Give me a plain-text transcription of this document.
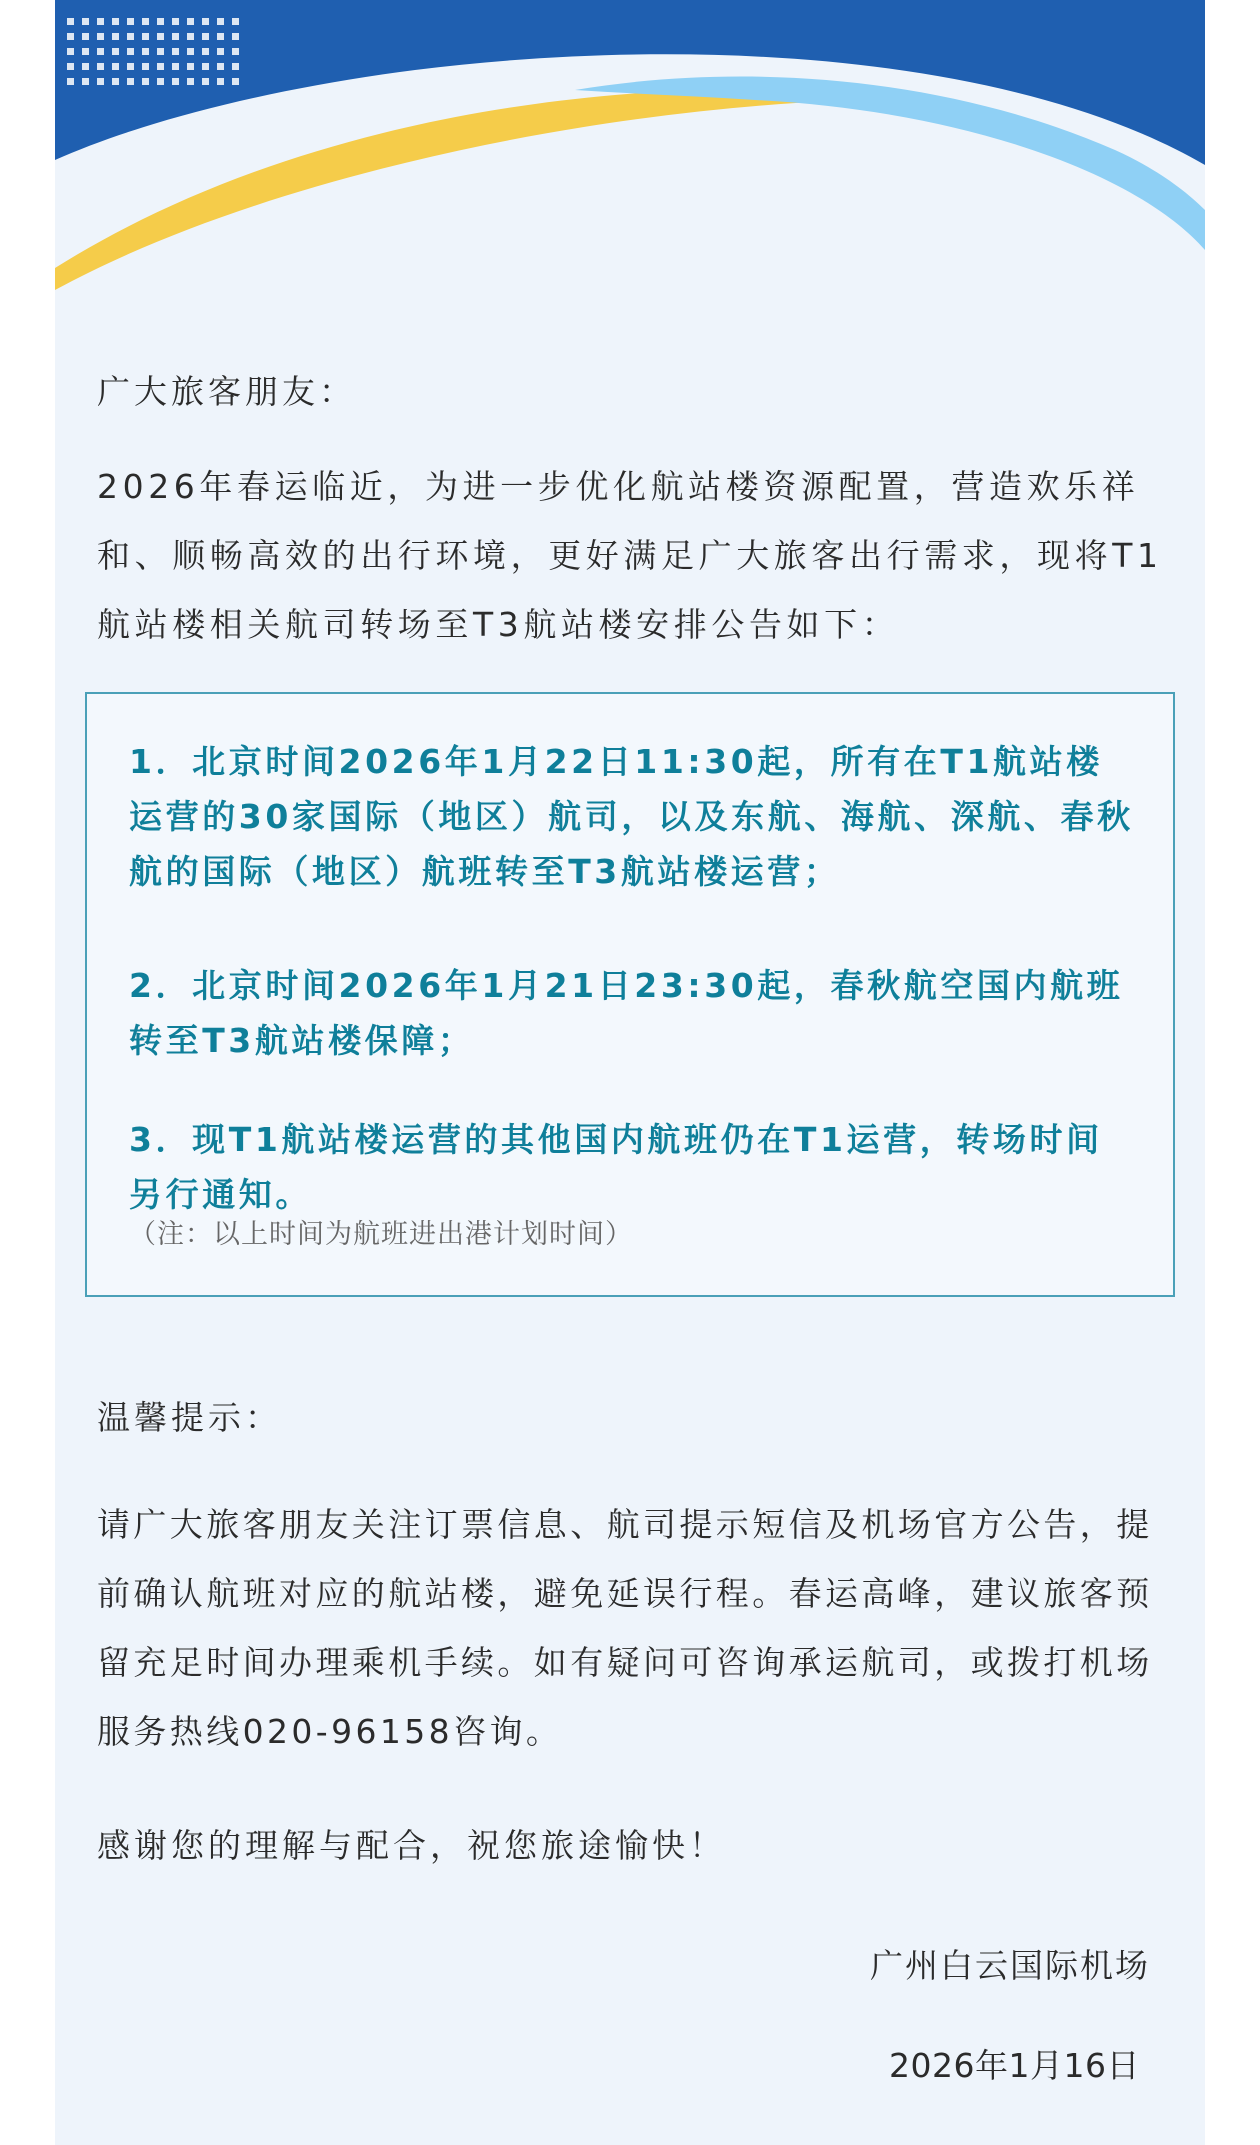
广大旅客朋友：
2026年春运临近，为进一步优化航站楼资源配置，营造欢乐祥和、顺畅高效的出行环境，更好满足广大旅客出行需求，现将T1航站楼相关航司转场至T3航站楼安排公告如下：
1．北京时间2026年1月22日11:30起，所有在T1航站楼运营的30家国际（地区）航司，以及东航、海航、深航、春秋航的国际（地区）航班转至T3航站楼运营；
2．北京时间2026年1月21日23:30起，春秋航空国内航班转至T3航站楼保障；
3．现T1航站楼运营的其他国内航班仍在T1运营，转场时间另行通知。
（注：以上时间为航班进出港计划时间）
温馨提示：
请广大旅客朋友关注订票信息、航司提示短信及机场官方公告，提前确认航班对应的航站楼，避免延误行程。春运高峰，建议旅客预留充足时间办理乘机手续。如有疑问可咨询承运航司，或拨打机场服务热线020-96158咨询。
感谢您的理解与配合，祝您旅途愉快！
广州白云国际机场
2026年1月16日
